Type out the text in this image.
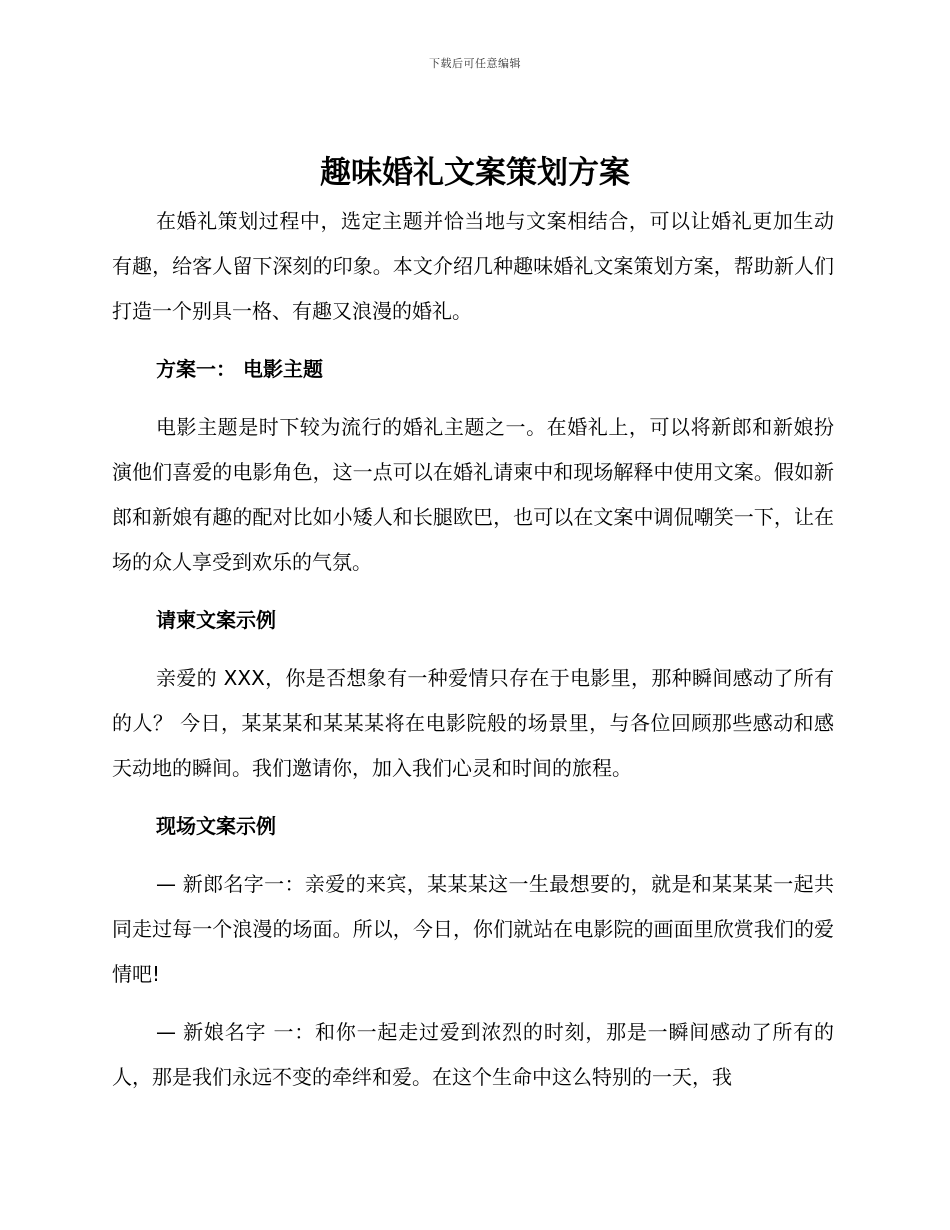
下载后可任意编辑
趣味婚礼文案策划方案

在婚礼策划过程中，选定主题并恰当地与文案相结合，可以让婚礼更加生动有趣，给客人留下深刻的印象。本文介绍几种趣味婚礼文案策划方案，帮助新人们打造一个别具一格、有趣又浪漫的婚礼。

方案一： 电影主题

电影主题是时下较为流行的婚礼主题之一。在婚礼上，可以将新郎和新娘扮演他们喜爱的电影角色，这一点可以在婚礼请柬中和现场解释中使用文案。假如新郎和新娘有趣的配对比如小矮人和长腿欧巴，也可以在文案中调侃嘲笑一下，让在场的众人享受到欢乐的气氛。

请柬文案示例

亲爱的 XXX，你是否想象有一种爱情只存在于电影里，那种瞬间感动了所有的人？ 今日，某某某和某某某将在电影院般的场景里，与各位回顾那些感动和感天动地的瞬间。我们邀请你，加入我们心灵和时间的旅程。

现场文案示例

— 新郎名字一：亲爱的来宾，某某某这一生最想要的，就是和某某某一起共同走过每一个浪漫的场面。所以，今日，你们就站在电影院的画面里欣赏我们的爱情吧!

— 新娘名字 一：和你一起走过爱到浓烈的时刻，那是一瞬间感动了所有的人，那是我们永远不变的牵绊和爱。在这个生命中这么特别的一天，我
